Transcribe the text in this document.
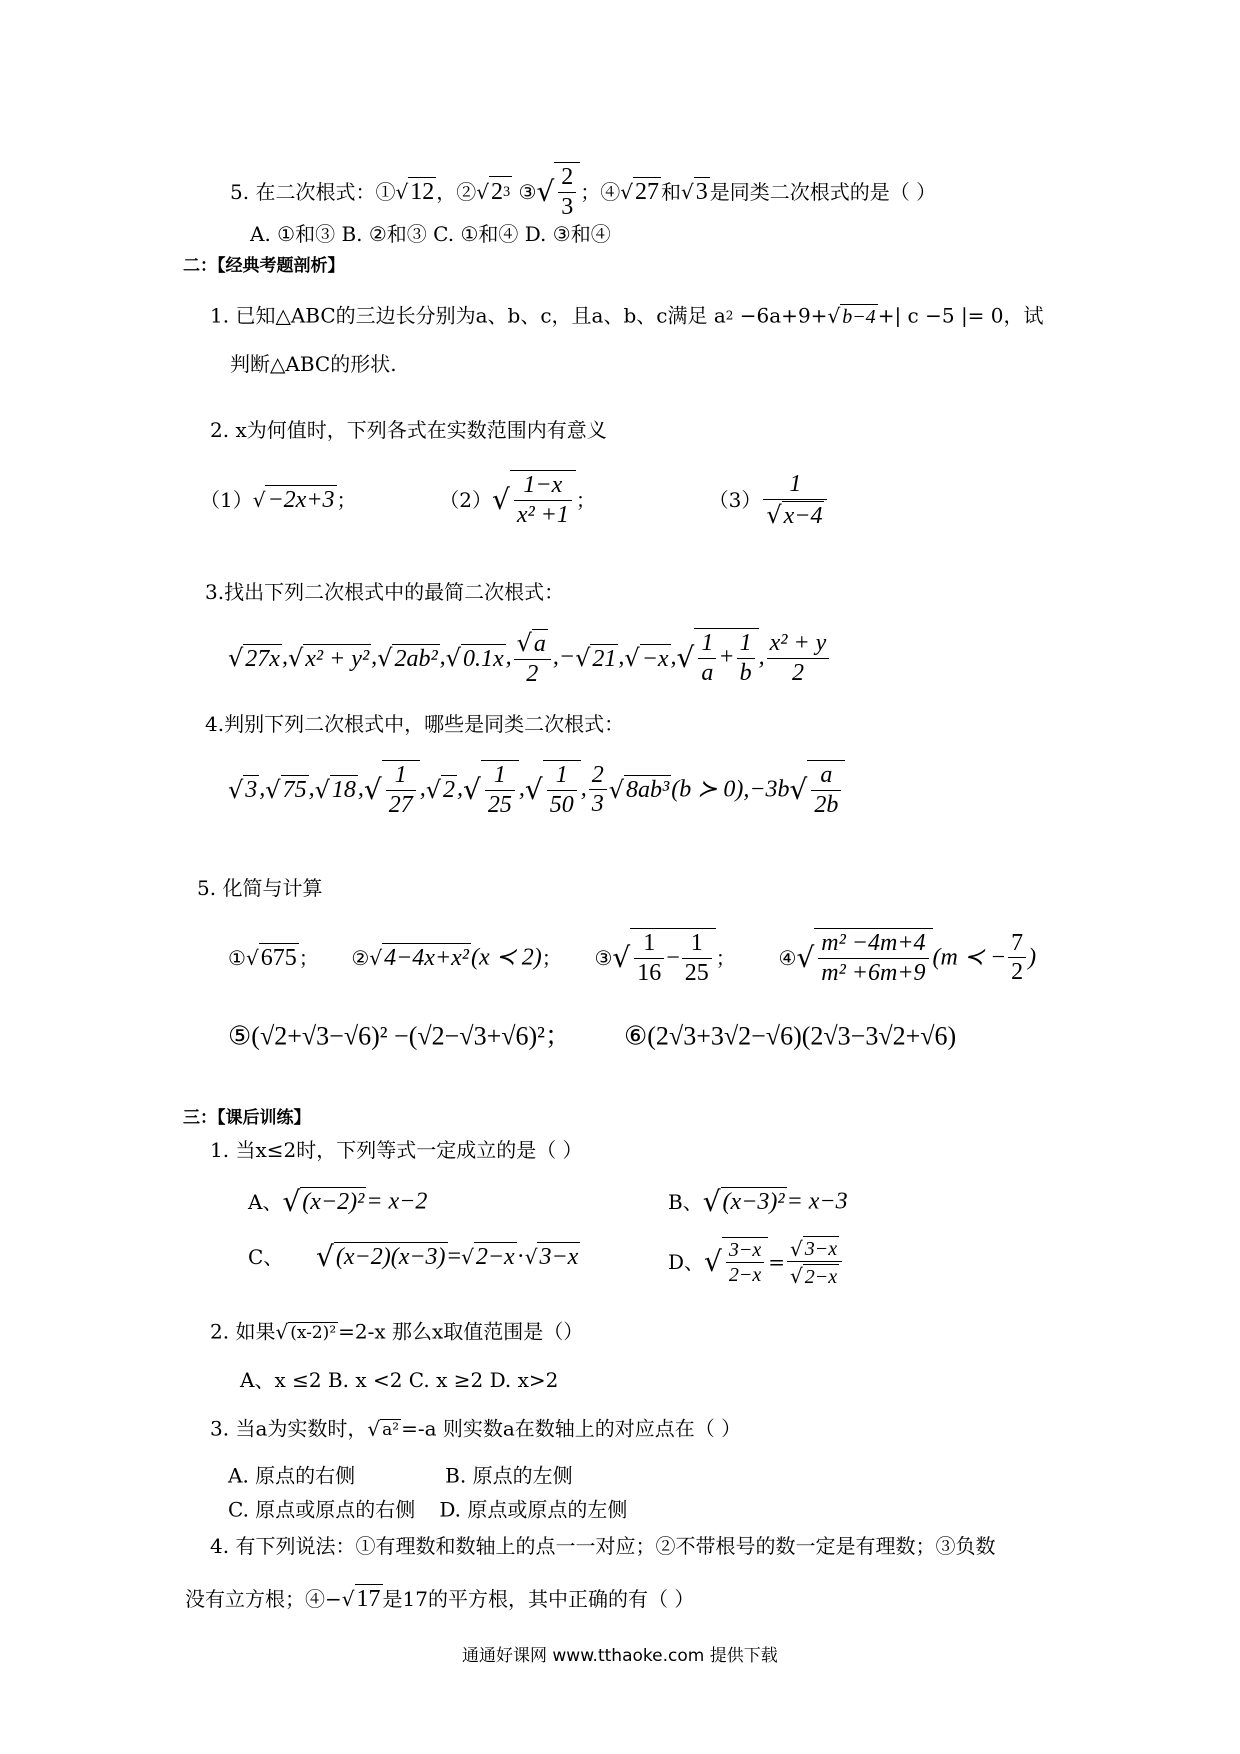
5. 在二次根式：①√12 ，②√23 ③√ $\frac{2}{3}$ ；④√27 和√3 是同类二次根式的是（ ）
A. ①和③ B. ②和③ C. ①和④ D. ③和④
二：【经典考题剖析】
1. 已知△ABC的三边长分别为a、b、c，且a、b、c满足 a2 −6a+9+√ b−4 +| c −5 |= 0，试
判断△ABC的形状.
2. x为何值时，下列各式在实数范围内有意义
（1）√−2x+3 ；	$(2)√ \frac{1-x}{\text{x² +1}}$ ；	$(3) \frac{1}{√x-4}$
3.找出下列二次根式中的最简二次根式：
√27x,√x² + y²,√2ab²,√0.1x, $\frac{√a}{2} ,-√21,√-x,√ \frac{1}{a} + \frac{1}{b}$ , $\frac{\text{x² + y}}{2}$
4.判别下列二次根式中，哪些是同类二次根式：
$√3,√75,√18,√ \frac{1}{27} ,√2,√ \frac{1}{25}$ ,√ $\frac{1}{50}$ , $\frac{2}{3} √8ab^3(b$ ≻ $0),-3b√ \frac{a}{2b}$
5. 化简与计算
①√675 ； ②√4−4x+x²(x ≺ 2)； ③√ $\frac{1}{16} - \frac{1}{25}$ ； ④√ $\frac{\text{m² −4m+4}}{\text{m² +6m+9}} (m$ ≺ − $\frac{7}{2}$ )
⑤(√2+√3−√6)² −(√2−√3+√6)²； ⑥(2√3+3√2−√6)(2√3−3√2+√6)
三：【课后训练】
1. 当x≤2时，下列等式一定成立的是（ ）
A、√(x−2)²= x−2	B、√(x−3)²= x−3
C、 √(x−2)(x−3)=√2−x·√3−x	D、√ $\frac{3-x}{2-x} = \frac{√ 3-x}{√ 2-x}$
2. 如果√ (x-2)² =2-x 那么x取值范围是（）
A、x ≤2 B. x <2 C. x ≥2 D. x>2
3. 当a为实数时，√ a² =-a 则实数a在数轴上的对应点在（ ）
A. 原点的右侧	B. 原点的左侧
C. 原点或原点的右侧 D. 原点或原点的左侧
4. 有下列说法：①有理数和数轴上的点一一对应；②不带根号的数一定是有理数；③负数
没有立方根；④−√17 是17的平方根，其中正确的有（ ）
通通好课网 www.tthaoke.com 提供下载
